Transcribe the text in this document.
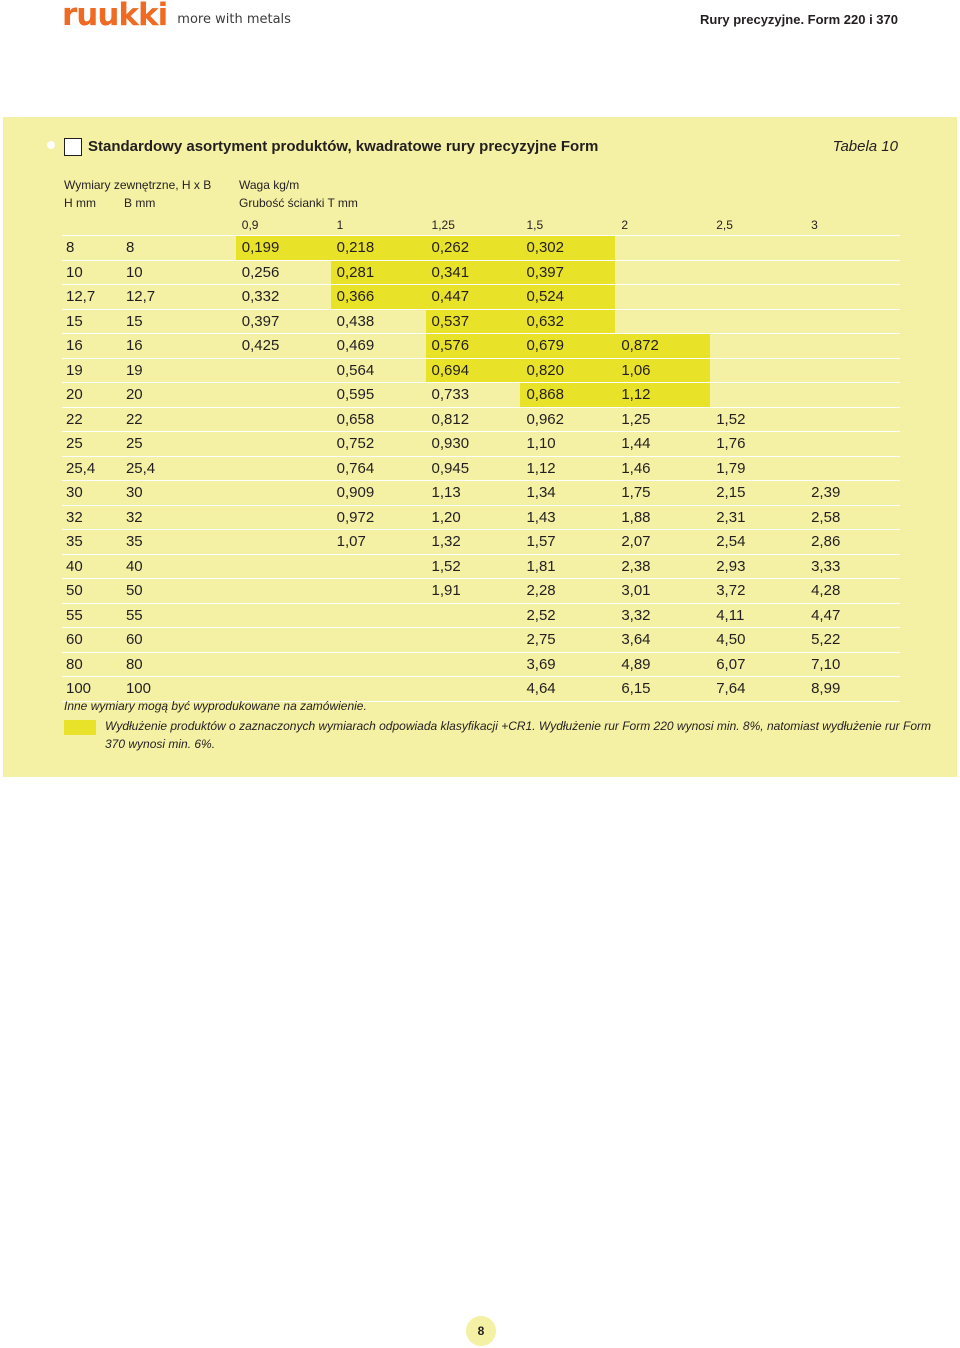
ruukki more with metals	Rury precyzyjne. Form 220 i 370
Standardowy asortyment produktów, kwadratowe rury precyzyjne Form	Tabela 10
Wymiary zewnętrzne, H x B
H mm B mm
Waga kg/m
Grubość ścianki T mm
		0,9	1	1,25	1,5	2	2,5	3
8	8	0,199	0,218	0,262	0,302			
10	10	0,256	0,281	0,341	0,397			
12,7	12,7	0,332	0,366	0,447	0,524			
15	15	0,397	0,438	0,537	0,632			
16	16	0,425	0,469	0,576	0,679	0,872		
19	19		0,564	0,694	0,820	1,06		
20	20		0,595	0,733	0,868	1,12		
22	22		0,658	0,812	0,962	1,25	1,52	
25	25		0,752	0,930	1,10	1,44	1,76	
25,4	25,4		0,764	0,945	1,12	1,46	1,79	
30	30		0,909	1,13	1,34	1,75	2,15	2,39
32	32		0,972	1,20	1,43	1,88	2,31	2,58
35	35		1,07	1,32	1,57	2,07	2,54	2,86
40	40			1,52	1,81	2,38	2,93	3,33
50	50			1,91	2,28	3,01	3,72	4,28
55	55				2,52	3,32	4,11	4,47
60	60				2,75	3,64	4,50	5,22
80	80				3,69	4,89	6,07	7,10
100	100				4,64	6,15	7,64	8,99
Inne wymiary mogą być wyprodukowane na zamówienie.
Wydłużenie produktów o zaznaczonych wymiarach odpowiada klasyfikacji +CR1. Wydłużenie rur Form 220 wynosi min. 8%, natomiast wydłużenie rur Form 370 wynosi min. 6%.
8
